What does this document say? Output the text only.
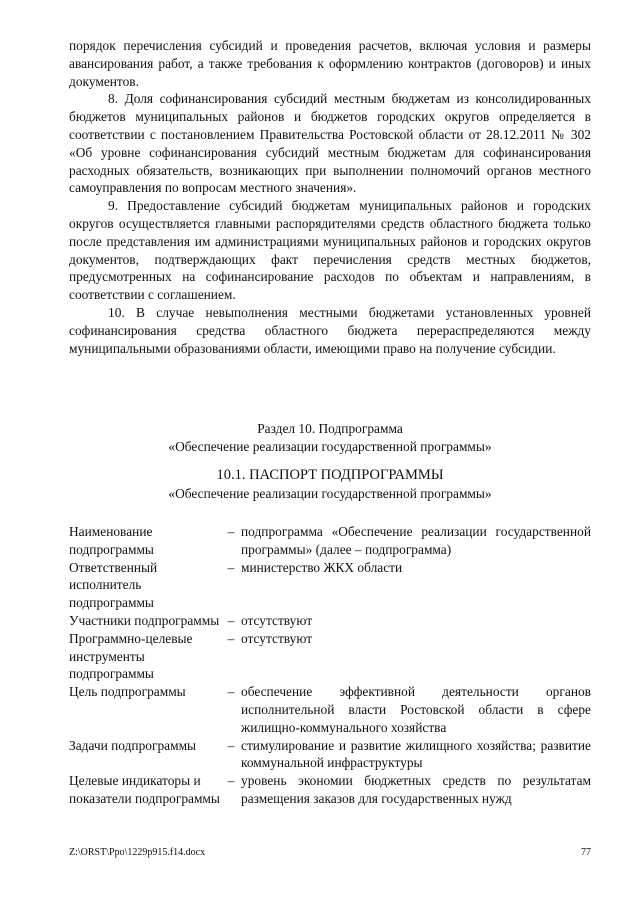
порядок перечисления субсидий и проведения расчетов, включая условия и размеры авансирования работ, а также требования к оформлению контрактов (договоров) и иных документов.

8. Доля софинансирования субсидий местным бюджетам из консолидированных бюджетов муниципальных районов и бюджетов городских округов определяется в соответствии с постановлением Правительства Ростовской области от 28.12.2011 № 302 «Об уровне софинансирования субсидий местным бюджетам для софинансирования расходных обязательств, возникающих при выполнении полномочий органов местного самоуправления по вопросам местного значения».

9. Предоставление субсидий бюджетам муниципальных районов и городских округов осуществляется главными распорядителями средств областного бюджета только после представления им администрациями муниципальных районов и городских округов документов, подтверждающих факт перечисления средств местных бюджетов, предусмотренных на софинансирование расходов по объектам и направлениям, в соответствии с соглашением.

10. В случае невыполнения местными бюджетами установленных уровней софинансирования средства областного бюджета перераспределяются между муниципальными образованиями области, имеющими право на получение субсидии.

Раздел 10. Подпрограмма
«Обеспечение реализации государственной программы»
10.1. ПАСПОРТ ПОДПРОГРАММЫ
«Обеспечение реализации государственной программы»
Наименование подпрограммы	–	подпрограмма «Обеспечение реализации государственной программы» (далее – подпрограмма)
Ответственный исполнитель подпрограммы	–	министерство ЖКХ области
Участники подпрограммы	–	отсутствуют
Программно-целевые инструменты подпрограммы	–	отсутствуют
Цель подпрограммы	–	обеспечение эффективной деятельности органов исполнительной власти Ростовской области в сфере жилищно-коммунального хозяйства
Задачи подпрограммы	–	стимулирование и развитие жилищного хозяйства; развитие коммунальной инфраструктуры
Целевые индикаторы и показатели подпрограммы	–	уровень экономии бюджетных средств по результатам размещения заказов для государственных нужд
Z:\ORST\Ppo\1229p915.f14.docx	77
